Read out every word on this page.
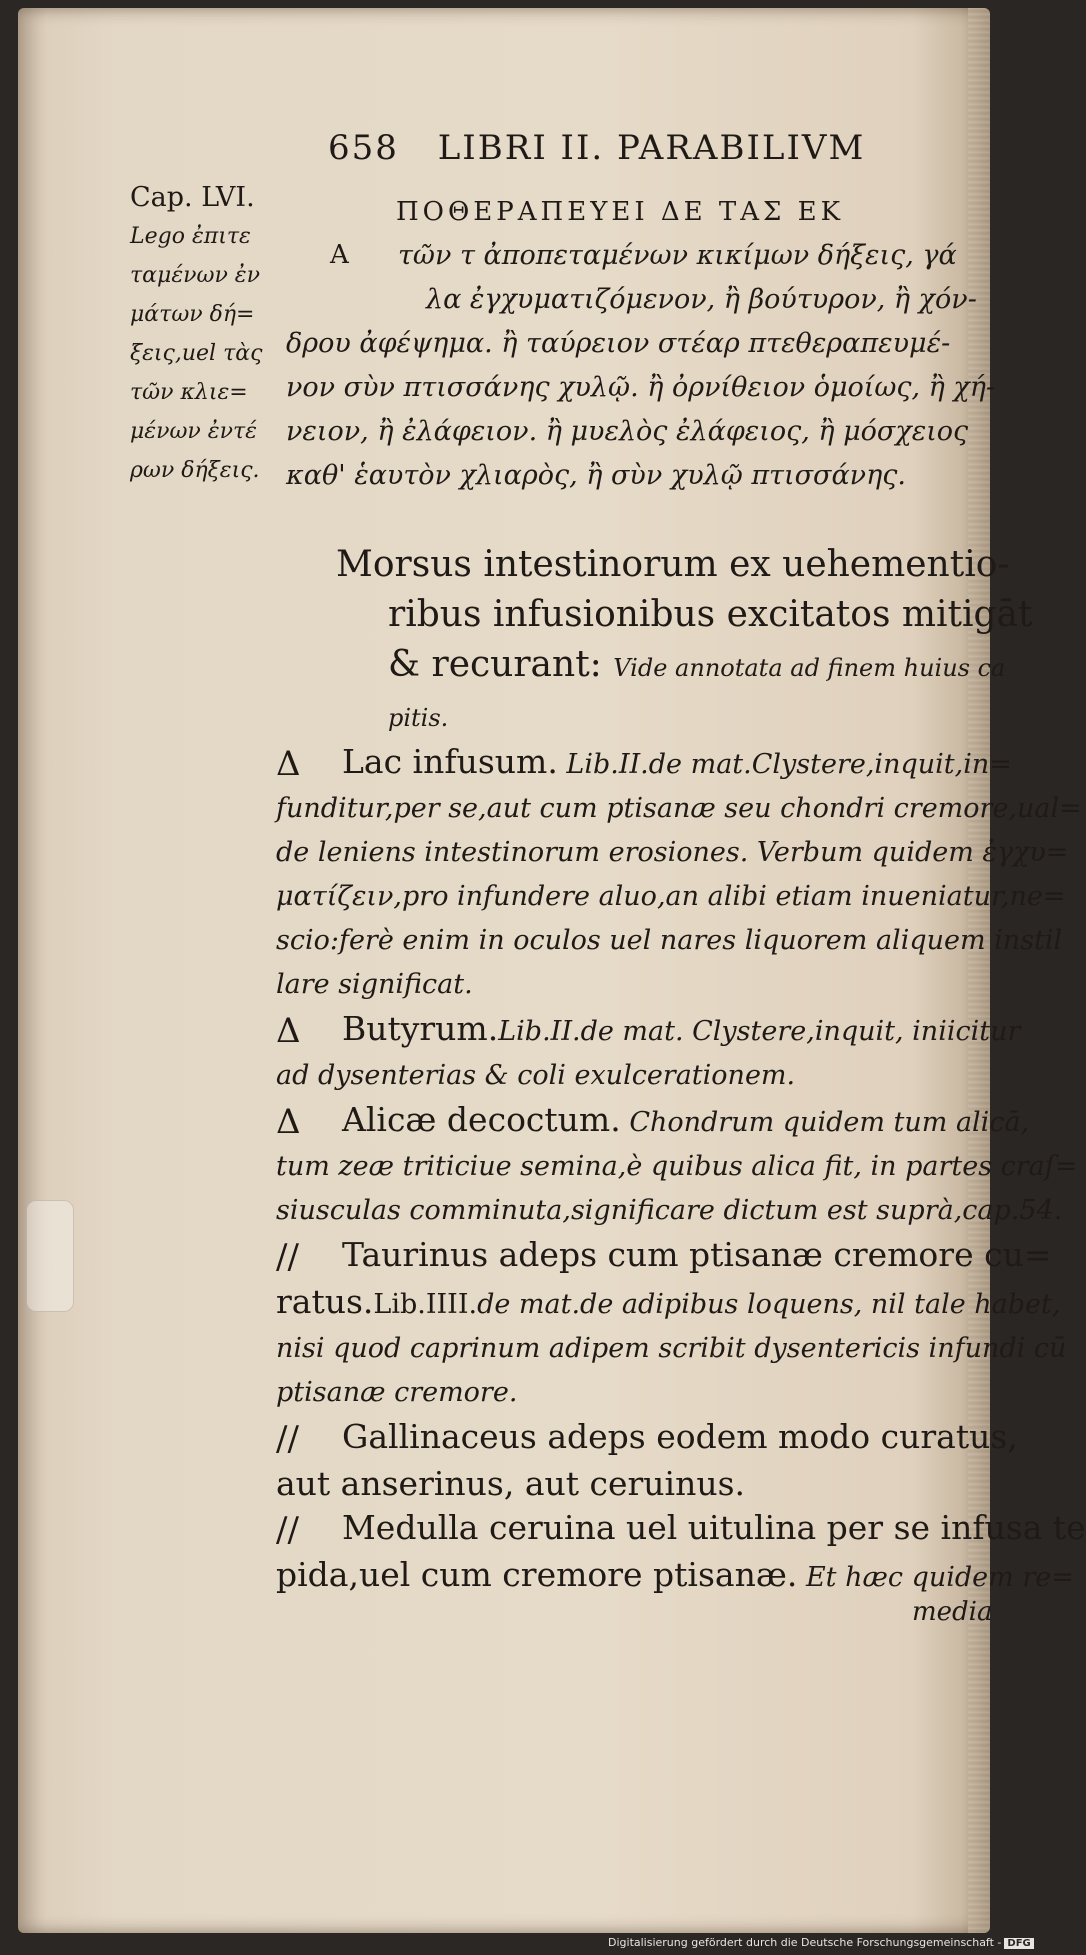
658 LIBRI II. PARABILIVM
Cap. LVI.
Lego ἐπιτε
ταμένων ἐν
μάτων δή=
ξεις,uel τὰς
τῶν κλιε=
μένων ἐντέ
ρων δήξεις.
A
ΠΟΘΕΡΑΠΕΥΕΙ ΔΕ ΤΑΣ ΕΚ
τῶν τ ἀποπεταμένων κικίμων δήξεις, γά
λα ἐγχυματιζόμενον, ἢ βούτυρον, ἢ χόν-
δρου ἀφέψημα. ἢ ταύρειον στέαρ πτεθεραπευμέ-
νον σὺν πτισσάνης χυλῷ. ἢ ὀρνίθειον ὁμοίως, ἢ χή-
νειον, ἢ ἐλάφειον. ἢ μυελὸς ἐλάφειος, ἢ μόσχειος
καθ' ἑαυτὸν χλιαρὸς, ἢ σὺν χυλῷ πτισσάνης.
Morsus intestinorum ex uehementio-
ribus infusionibus excitatos mitigāt
& recurant: Vide annotata ad finem huius ca
pitis.
Δ Lac infusum. Lib.II.de mat.Clystere,inquit,in=
funditur,per se,aut cum ptisanæ seu chondri cremore,ual=
de leniens intestinorum erosiones. Verbum quidem ἐγχυ=
ματίζειν,pro infundere aluo,an alibi etiam inueniatur,ne=
scio:ferè enim in oculos uel nares liquorem aliquem instil
lare significat.
Δ Butyrum.Lib.II.de mat. Clystere,inquit, iniicitur
ad dysenterias & coli exulcerationem.
Δ Alicæ decoctum. Chondrum quidem tum alicā,
tum zeæ triticiue semina,è quibus alica fit, in partes craſ=
siusculas comminuta,significare dictum est suprà,cap.54.
// Taurinus adeps cum ptisanæ cremore cu=
ratus.Lib.IIII.de mat.de adipibus loquens, nil tale habet,
nisi quod caprinum adipem scribit dysentericis infundi cū
ptisanæ cremore.
// Gallinaceus adeps eodem modo curatus,
aut anserinus, aut ceruinus.
// Medulla ceruina uel uitulina per se infusa te
pida,uel cum cremore ptisanæ. Et hæc quidem re=
media
Digitalisierung gefördert durch die Deutsche Forschungsgemeinschaft - DFG
